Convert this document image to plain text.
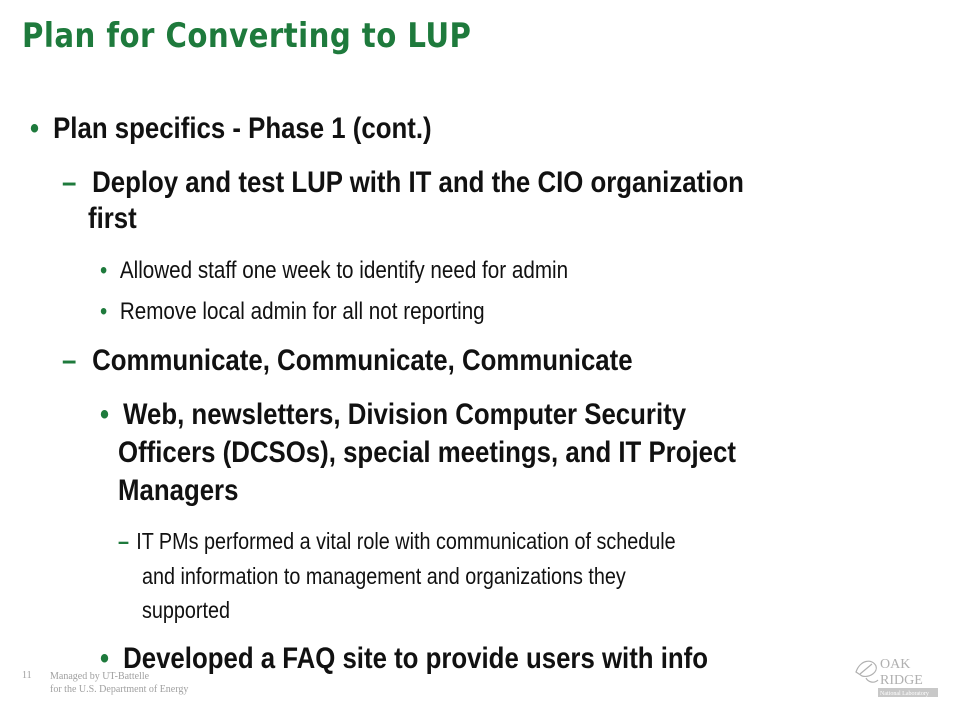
Plan for Converting to LUP
• Plan specifics - Phase 1 (cont.)
– Deploy and test LUP with IT and the CIO organization
first
• Allowed staff one week to identify need for admin
• Remove local admin for all not reporting
– Communicate, Communicate, Communicate
• Web, newsletters, Division Computer Security
Officers (DCSOs), special meetings, and IT Project
Managers
– IT PMs performed a vital role with communication of schedule
and information to management and organizations they
supported
• Developed a FAQ site to provide users with info
11 Managed by UT-Battelle
for the U.S. Department of Energy
OAK
RIDGE
National Laboratory
